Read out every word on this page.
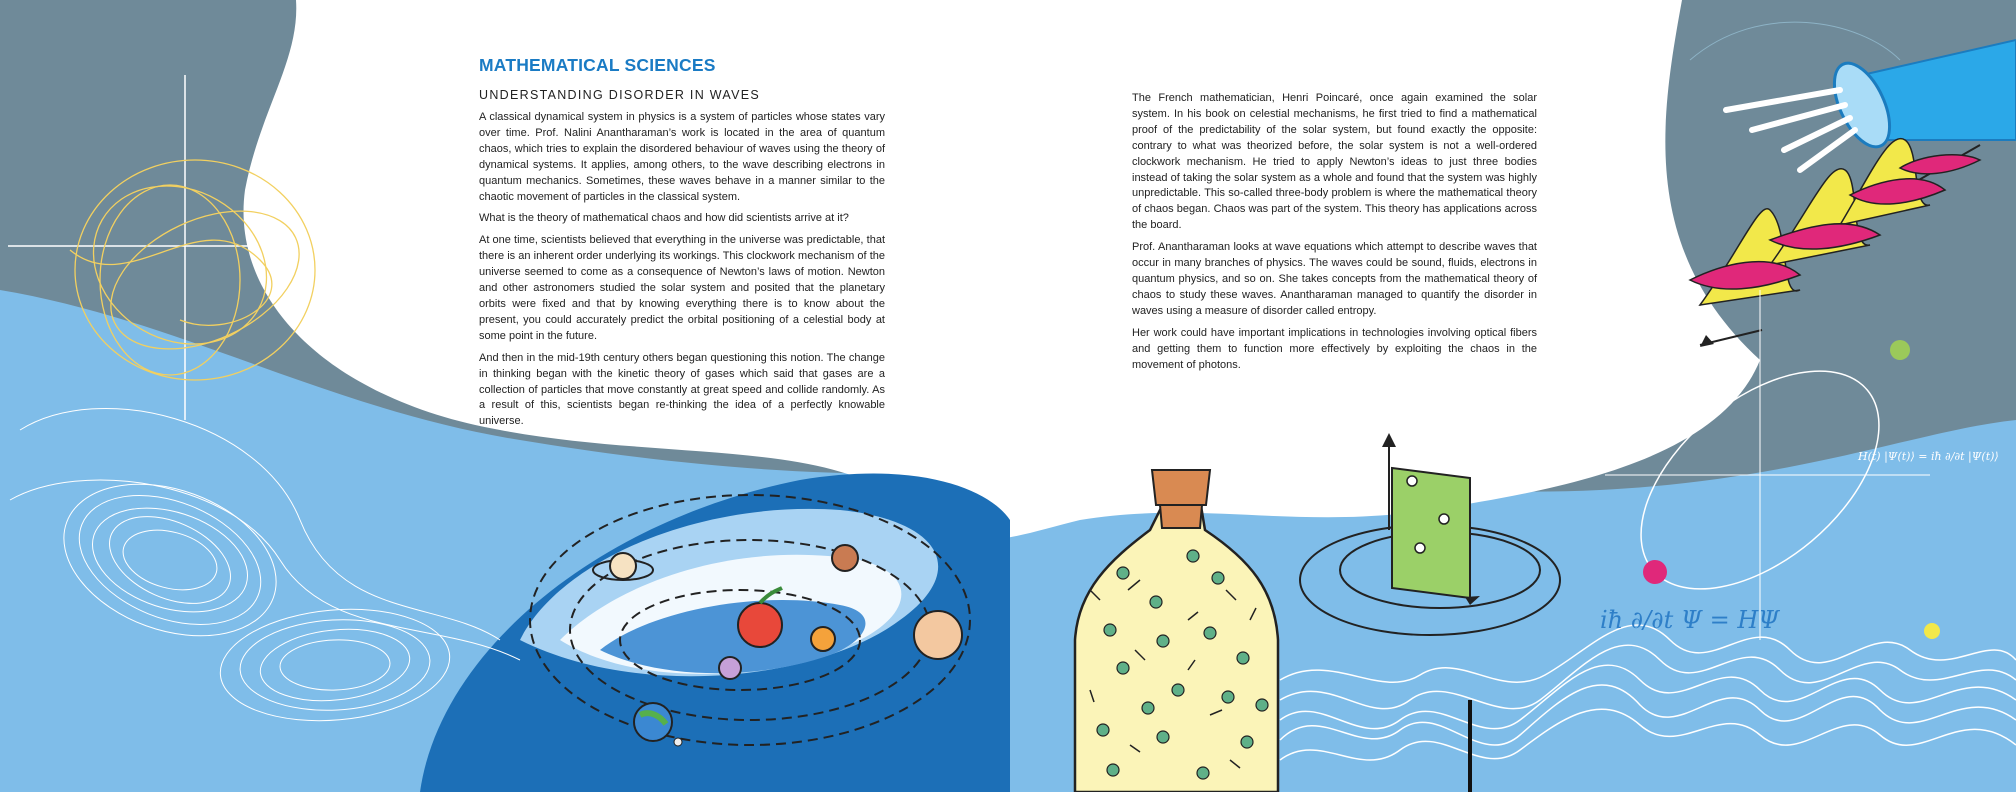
H(t) |Ψ(t)⟩ = iħ ∂/∂t |Ψ(t)⟩
iħ ∂/∂t Ψ = HΨ
MATHEMATICAL SCIENCES
UNDERSTANDING DISORDER IN WAVES

A classical dynamical system in physics is a system of particles whose states vary over time. Prof. Nalini Anantharaman’s work is located in the area of quantum chaos, which tries to explain the disordered behaviour of waves using the theory of dynamical systems. It applies, among others, to the wave describing electrons in quantum mechanics. Sometimes, these waves behave in a manner similar to the chaotic movement of particles in the classical system.

What is the theory of mathematical chaos and how did scientists arrive at it?

At one time, scientists believed that everything in the universe was predictable, that there is an inherent order underlying its workings. This clockwork mechanism of the universe seemed to come as a consequence of Newton’s laws of motion. Newton and other astronomers studied the solar system and posited that the planetary orbits were fixed and that by knowing everything there is to know about the present, you could accurately predict the orbital positioning of a celestial body at some point in the future.

And then in the mid-19th century others began questioning this notion. The change in thinking began with the kinetic theory of gases which said that gases are a collection of particles that move constantly at great speed and collide randomly. As a result of this, scientists began re-thinking the idea of a perfectly knowable universe.

The French mathematician, Henri Poincaré, once again examined the solar system. In his book on celestial mechanisms, he first tried to find a mathematical proof of the predictability of the solar system, but found exactly the opposite: contrary to what was theorized before, the solar system is not a well-ordered clockwork mechanism. He tried to apply Newton’s ideas to just three bodies instead of taking the solar system as a whole and found that the system was highly unpredictable. This so-called three-body problem is where the mathematical theory of chaos began. Chaos was part of the system. This theory has applications across the board.

Prof. Anantharaman looks at wave equations which attempt to describe waves that occur in many branches of physics. The waves could be sound, fluids, electrons in quantum physics, and so on. She takes concepts from the mathematical theory of chaos to study these waves. Anantharaman managed to quantify the disorder in waves using a measure of disorder called entropy.

Her work could have important implications in technologies involving optical fibers and getting them to function more effectively by exploiting the chaos in the movement of photons.
